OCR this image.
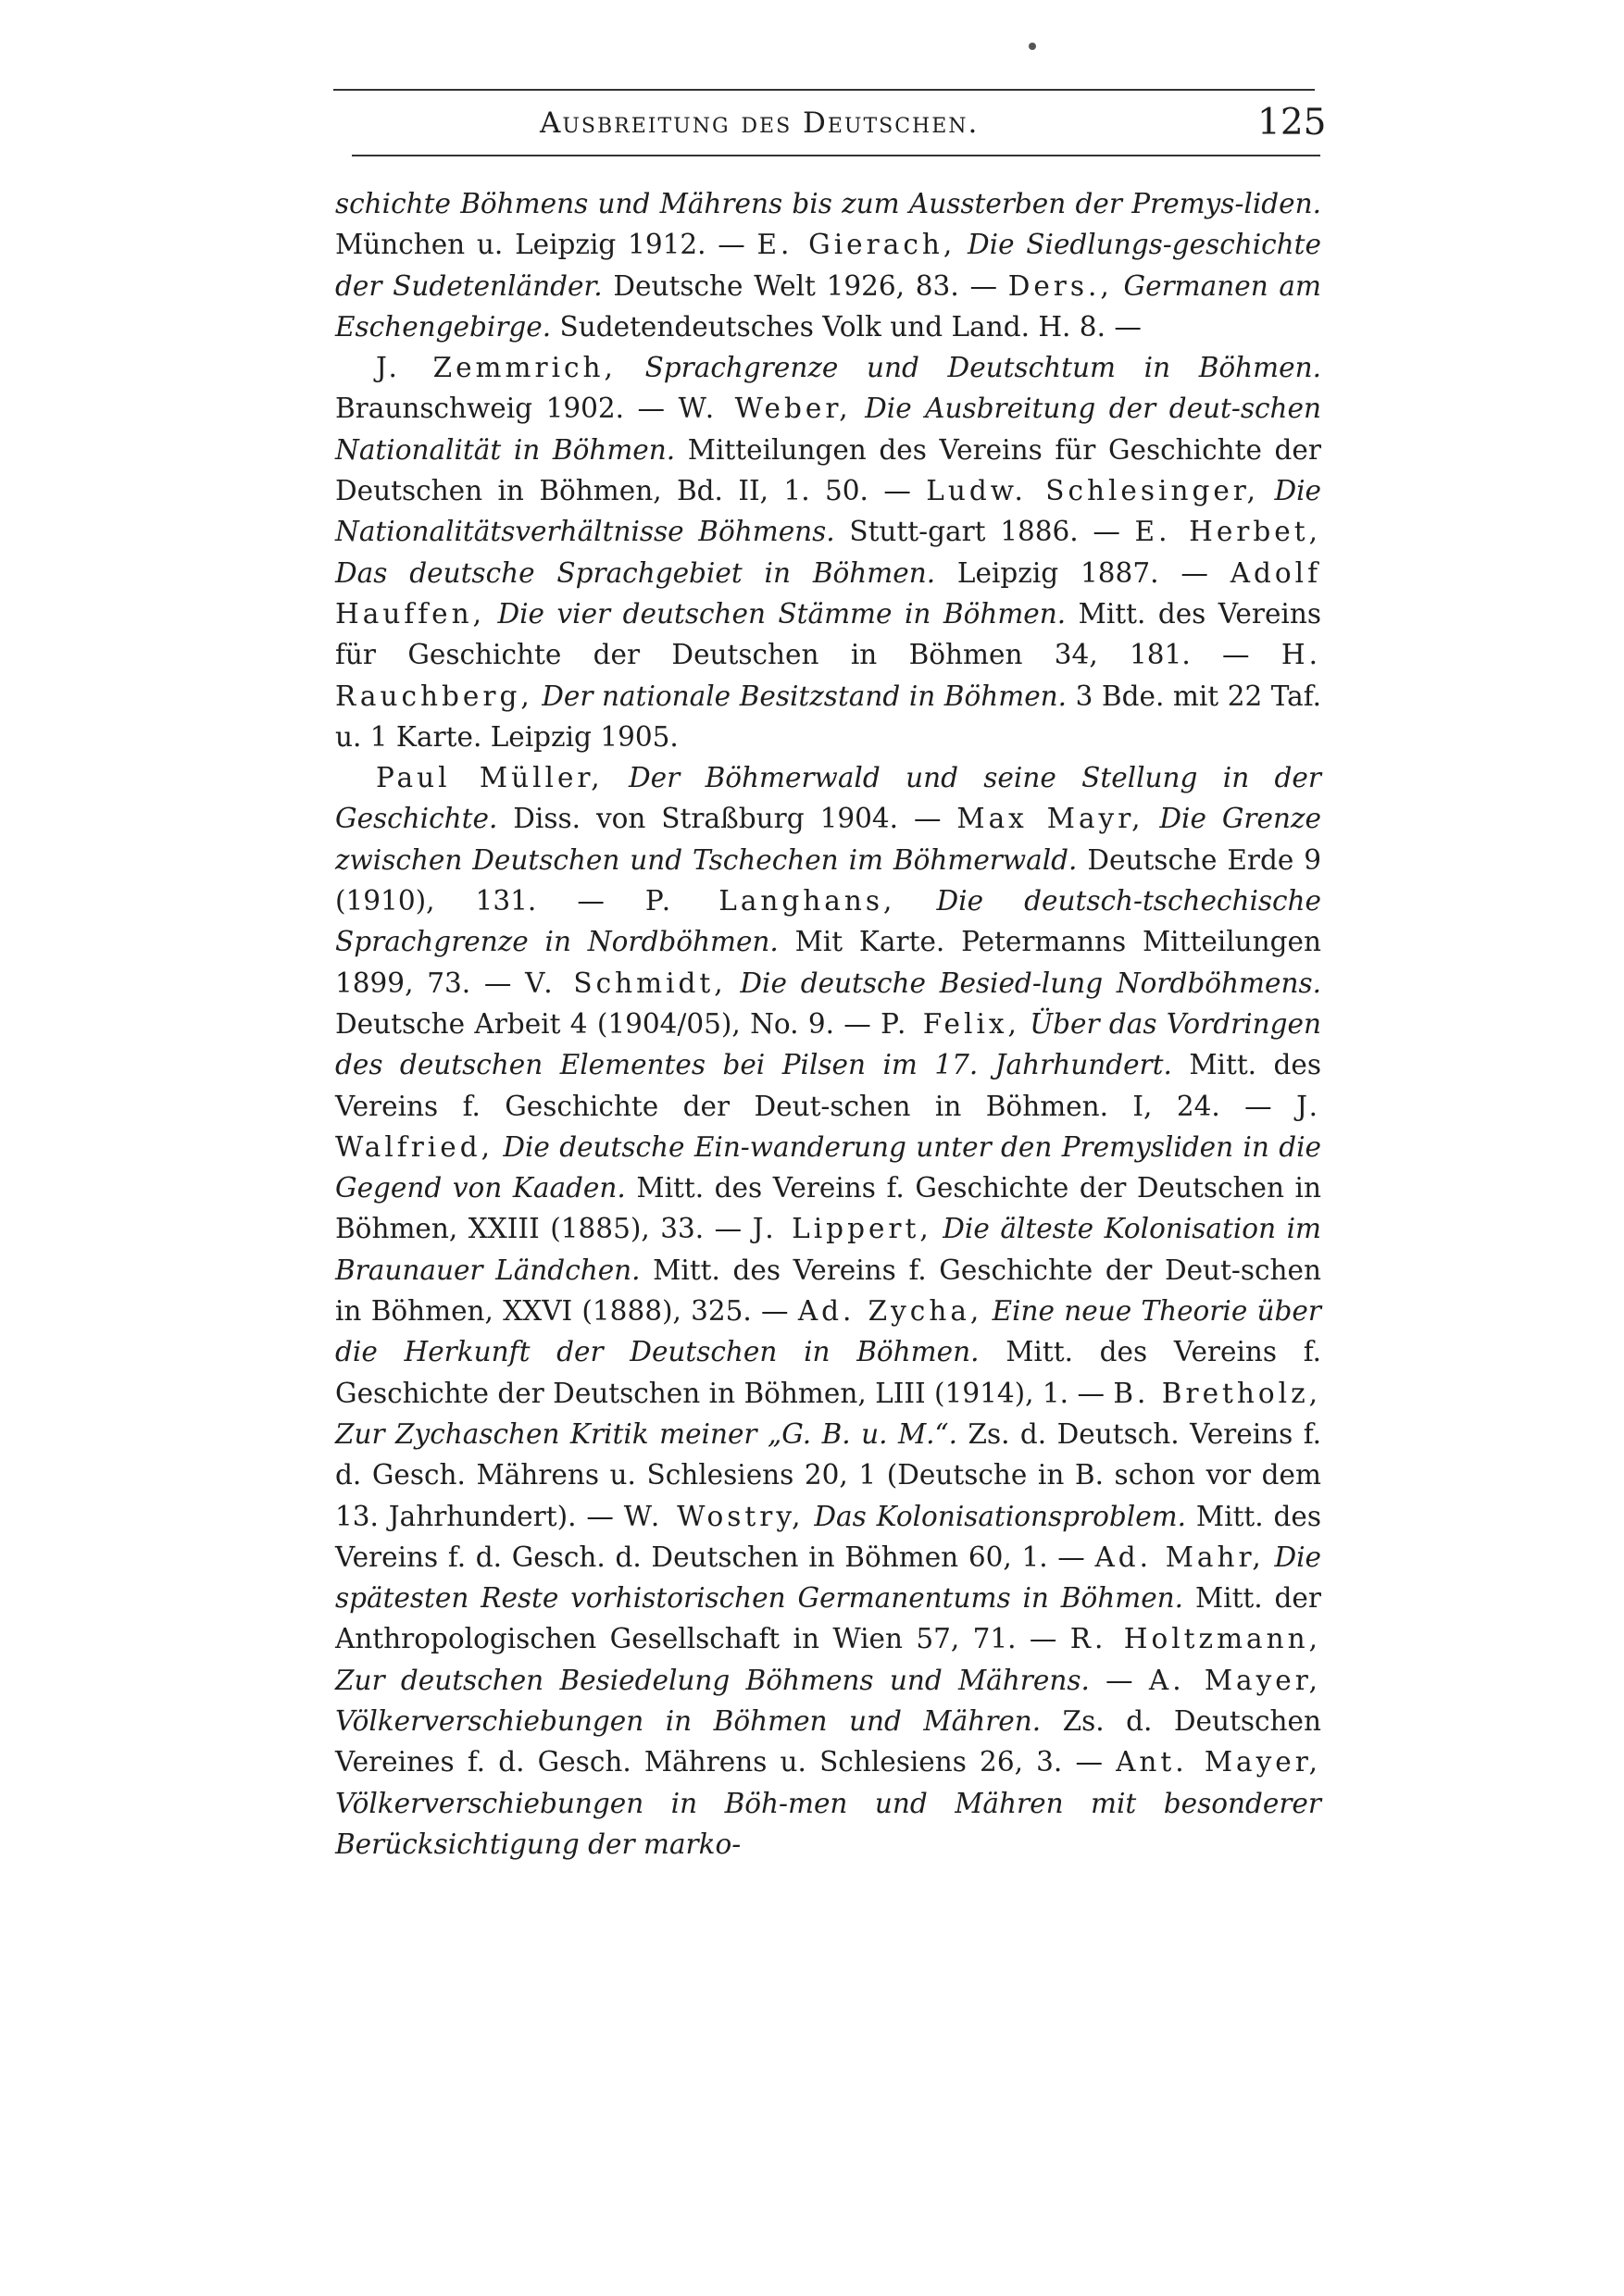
Ausbreitung des Deutschen.	125

schichte Böhmens und Mährens bis zum Aussterben der Premys-liden. München u. Leipzig 1912. — E. Gierach, Die Siedlungs-geschichte der Sudetenländer. Deutsche Welt 1926, 83. — Ders., Germanen am Eschengebirge. Sudetendeutsches Volk und Land. H. 8. —

J. Zemmrich, Sprachgrenze und Deutschtum in Böhmen. Braunschweig 1902. — W. Weber, Die Ausbreitung der deut-schen Nationalität in Böhmen. Mitteilungen des Vereins für Geschichte der Deutschen in Böhmen, Bd. II, 1. 50. — Ludw. Schlesinger, Die Nationalitätsverhältnisse Böhmens. Stutt-gart 1886. — E. Herbet, Das deutsche Sprachgebiet in Böhmen. Leipzig 1887. — Adolf Hauffen, Die vier deutschen Stämme in Böhmen. Mitt. des Vereins für Geschichte der Deutschen in Böhmen 34, 181. — H. Rauchberg, Der nationale Besitzstand in Böhmen. 3 Bde. mit 22 Taf. u. 1 Karte. Leipzig 1905.

Paul Müller, Der Böhmerwald und seine Stellung in der Geschichte. Diss. von Straßburg 1904. — Max Mayr, Die Grenze zwischen Deutschen und Tschechen im Böhmerwald. Deutsche Erde 9 (1910), 131. — P. Langhans, Die deutsch-tschechische Sprachgrenze in Nordböhmen. Mit Karte. Petermanns Mitteilungen 1899, 73. — V. Schmidt, Die deutsche Besied-lung Nordböhmens. Deutsche Arbeit 4 (1904/05), No. 9. — P. Felix, Über das Vordringen des deutschen Elementes bei Pilsen im 17. Jahrhundert. Mitt. des Vereins f. Geschichte der Deut-schen in Böhmen. I, 24. — J. Walfried, Die deutsche Ein-wanderung unter den Premysliden in die Gegend von Kaaden. Mitt. des Vereins f. Geschichte der Deutschen in Böhmen, XXIII (1885), 33. — J. Lippert, Die älteste Kolonisation im Braunauer Ländchen. Mitt. des Vereins f. Geschichte der Deut-schen in Böhmen, XXVI (1888), 325. — Ad. Zycha, Eine neue Theorie über die Herkunft der Deutschen in Böhmen. Mitt. des Vereins f. Geschichte der Deutschen in Böhmen, LIII (1914), 1. — B. Bretholz, Zur Zychaschen Kritik meiner „G. B. u. M.“. Zs. d. Deutsch. Vereins f. d. Gesch. Mährens u. Schlesiens 20, 1 (Deutsche in B. schon vor dem 13. Jahrhundert). — W. Wostry, Das Kolonisationsproblem. Mitt. des Vereins f. d. Gesch. d. Deutschen in Böhmen 60, 1. — Ad. Mahr, Die spätesten Reste vorhistorischen Germanentums in Böhmen. Mitt. der Anthropologischen Gesellschaft in Wien 57, 71. — R. Holtzmann, Zur deutschen Besiedelung Böhmens und Mährens. — A. Mayer, Völkerverschiebungen in Böhmen und Mähren. Zs. d. Deutschen Vereines f. d. Gesch. Mährens u. Schlesiens 26, 3. — Ant. Mayer, Völkerverschiebungen in Böh-men und Mähren mit besonderer Berücksichtigung der marko-
